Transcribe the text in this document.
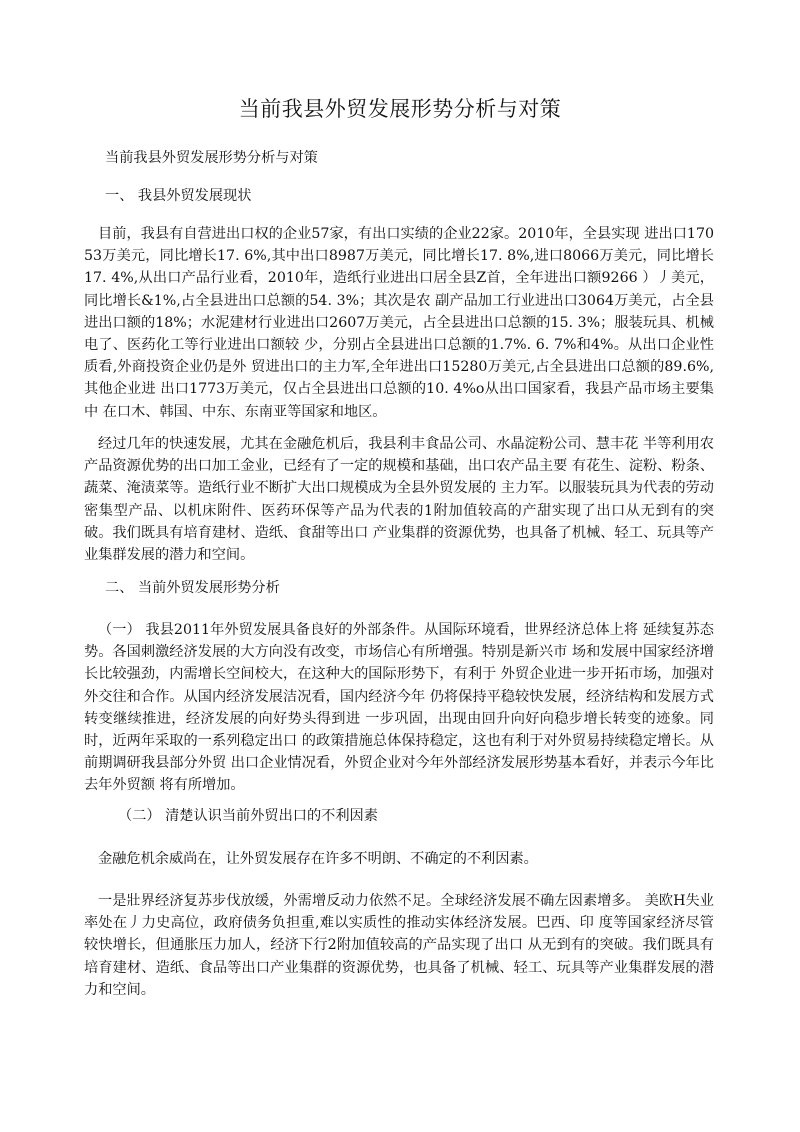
当前我县外贸发展形势分析与对策

当前我县外贸发展形势分析与对策

一、 我县外贸发展现状

目前，我县有自营进出口权的企业57家，有出口实绩的企业22家。2010年，全县实现 进出口17053万美元，同比增长17. 6%,其中出口8987万美元，同比增长17. 8%,进口8066万美元，同比增长17. 4%,从出口产品行业看，2010年，造纸行业进出口居全县Z首，全年进出口额9266 ）丿美元，同比增长&1%,占全县进出口总额的54. 3%；其次是农 副产品加工行业进出口3064万美元，占全县进出口额的18%；水泥建材行业进出口2607万美元，占全县进出口总额的15. 3%；服装玩具、机械电了、医药化工等行业进出口额较 少，分别占全县进出口总额的1.7%. 6. 7%和4%。从出口企业性质看,外商投资企业仍是外 贸进出口的主力军,全年进出口15280万美元,占全县进出口总额的89.6%,其他企业进 出口1773万美元，仅占全县进出口总额的10. 4%o从出口国家看，我县产品市场主要集中 在口木、韩国、中东、东南亚等国家和地区。

经过几年的快速发展，尤其在金融危机后，我县利丰食品公司、水晶淀粉公司、慧丰花 半等利用农产品资源优势的出口加工金业，已经有了一定的规模和基础，出口农产品主要 有花生、淀粉、粉条、蔬菜、淹渍菜等。造纸行业不断扩大出口规模成为全县外贸发展的 主力军。以服装玩具为代表的劳动密集型产品、以机床附件、医药环保等产品为代表的1附加值较高的产甜实现了出口从无到有的突破。我们既具有培育建材、造纸、食甜等出口 产业集群的资源优势，也具备了机械、轻工、玩具等产业集群发展的潜力和空间。

二、 当前外贸发展形势分析

（一） 我县2011年外贸发展具备良好的外部条件。从国际环境看，世界经济总体上将 延续复苏态势。各国刺激经济发展的大方向没有改变，市场信心有所增强。特别是新兴市 场和发展中国家经济增长比较强劲，内需增长空间校大，在这种大的国际形势下，有利于 外贸企业进一步开拓市场，加强对外交往和合作。从国内经济发展洁况看，国内经济今年 仍将保持平稳较快发展，经济结构和发展方式转变继续推进，经济发展的向好势头得到进 一步巩固，出现由回升向好向稳步增长转变的迹象。同时，近两年采取的一系列稳定出口 的政策措施总体保持稳定，这也有利于对外贸易持续稳定增长。从前期调研我县部分外贸 出口企业情况看，外贸企业对今年外部经济发展形势基本看好，并表示今年比去年外贸额 将有所增加。

（二） 清楚认识当前外贸出口的不利因素

金融危机余威尚在，让外贸发展存在许多不明朗、不确定的不利因素。

一是壯界经济复苏步伐放缓，外需增反动力依然不足。全球经济发展不确左因素增多。 美欧H失业率处在丿力史高位，政府债务负担重,难以实质性的推动实体经济发展。巴西、印 度等国家经济尽管较快增长，但通胀压力加人，经济下行2附加值较高的产品实现了出口 从无到有的突破。我们既具有培育建材、造纸、食品等出口产业集群的资源优势，也具备了机械、轻工、玩具等产业集群发展的潜力和空间。
